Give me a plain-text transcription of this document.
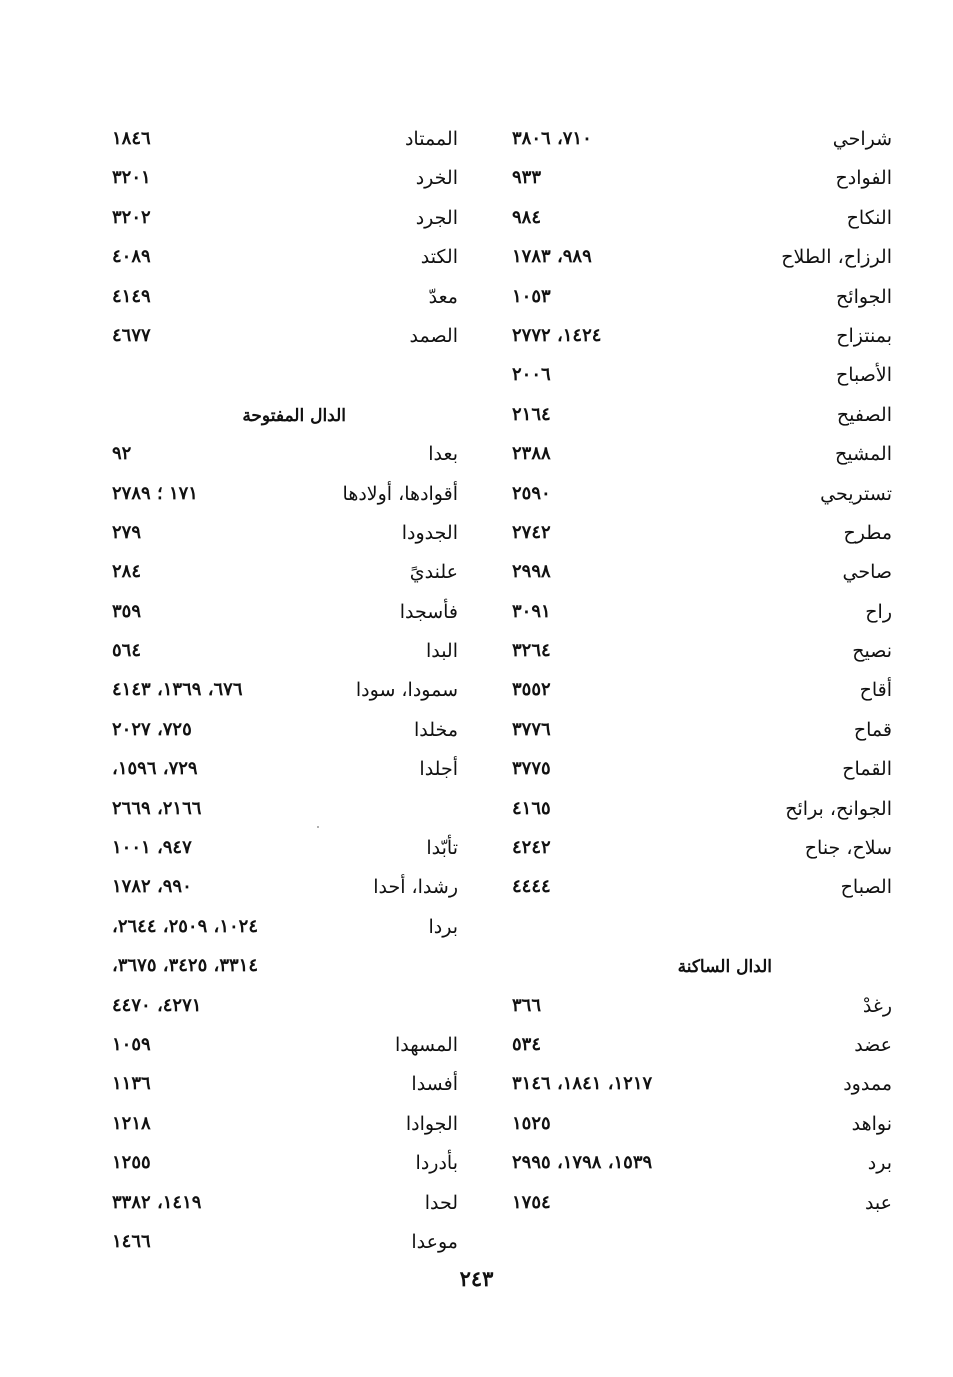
شراحي
٧١٠، ٣٨٠٦
الفوادح
٩٣٣
النكاح
٩٨٤
الرزاح، الطلاح
٩٨٩، ١٧٨٣
الجوائح
١٠٥٣
بمنتزاح
١٤٢٤، ٢٧٧٢
الأصباح
٢٠٠٦
الصفيح
٢١٦٤
المشيح
٢٣٨٨
تستريحي
٢٥٩٠
مطرح
٢٧٤٢
صاحي
٢٩٩٨
راح
٣٠٩١
نصيح
٣٢٦٤
أقاح
٣٥٥٢
قماح
٣٧٧٦
القماح
٣٧٧٥
الجوانح، برائح
٤١٦٥
سلاح، جناح
٤٢٤٢
الصباح
٤٤٤٤
الدال الساكنة
رغدْ
٣٦٦
عضد
٥٣٤
ممدود
١٢١٧، ١٨٤١، ٣١٤٦
نواهد
١٥٢٥
برد
١٥٣٩، ١٧٩٨، ٢٩٩٥
عبد
١٧٥٤
الممتاد
١٨٤٦
الخرد
٣٢٠١
الجرد
٣٢٠٢
الكتد
٤٠٨٩
معدّ
٤١٤٩
الصمد
٤٦٧٧
الدال المفتوحة
بعدا
٩٢
أقوادها، أولادها
١٧١ ؛ ٢٧٨٩
الجدودا
٢٧٩
علنديً
٢٨٤
فأسجدا
٣٥٩
البدا
٥٦٤
سمودا، سودا
٦٧٦، ١٣٦٩، ٤١٤٣
مخلدا
٧٢٥، ٢٠٢٧
أجلدا
٧٢٩، ١٥٩٦،
٢١٦٦، ٢٦٦٩
تأبّدا
٩٤٧، ١٠٠١
رشدا، أحدا
٩٩٠، ١٧٨٢
بردا
١٠٢٤، ٢٥٠٩، ٢٦٤٤،
٣٣١٤، ٣٤٢٥، ٣٦٧٥،
٤٢٧١، ٤٤٧٠
المسهدا
١٠٥٩
أفسدا
١١٣٦
الجوادا
١٢١٨
بأدردا
١٢٥٥
لحدا
١٤١٩، ٣٣٨٢
موعدا
١٤٦٦
٢٤٣
